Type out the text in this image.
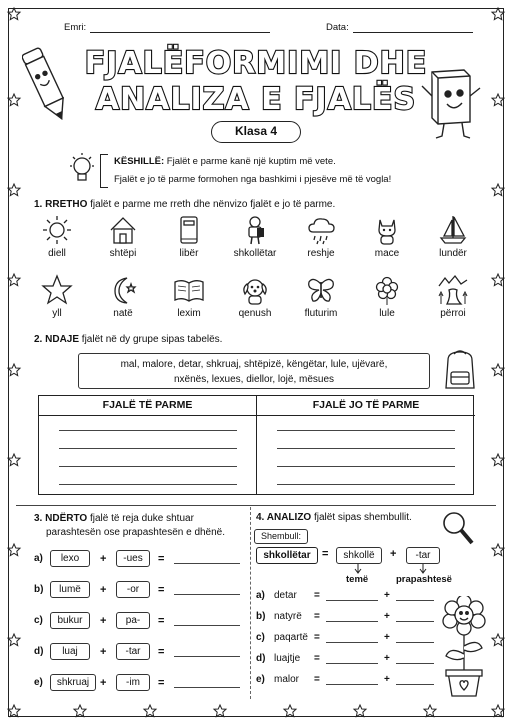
Emri:	Data:
FJALËFORMIMI DHE
ANALIZA E FJALËS
Klasa 4

KËSHILLË: Fjalët e parme kanë një kuptim më vete.

Fjalët e jo të parme formohen nga bashkimi i pjesëve më të vogla!

1. RRETHO fjalët e parme me rreth dhe nënvizo fjalët e jo të parme.
diell	shtëpi	libër	shkollëtar	reshje	mace	lundër
yll	natë	lexim	qenush	fluturim	lule	përroi
2. NDAJE fjalët në dy grupe sipas tabelës.
mal, malore, detar, shkruaj, shtëpizë, këngëtar, lule, ujëvarë,
nxënës, lexues, diellor, lojë, mësues
FJALË TË PARME	FJALË JO TË PARME
3. NDËRTO fjalë të reja duke shtuar
parashtesën ose prapashtesën e dhënë.
a)	lexo	+	-ues	=
b)	lumë	+	-or	=
c)	bukur	+	pa-	=
d)	luaj	+	-tar	=
e)	shkruaj +	-im	=
4. ANALIZO fjalët sipas shembullit.
Shembull:
shkollëtar	=	shkollë	+	-tar
temë	prapashtesë
a) detar =	+
b) natyrë =	+
c) paqartë =	+
d) luajtje =	+
e) malor =	+
